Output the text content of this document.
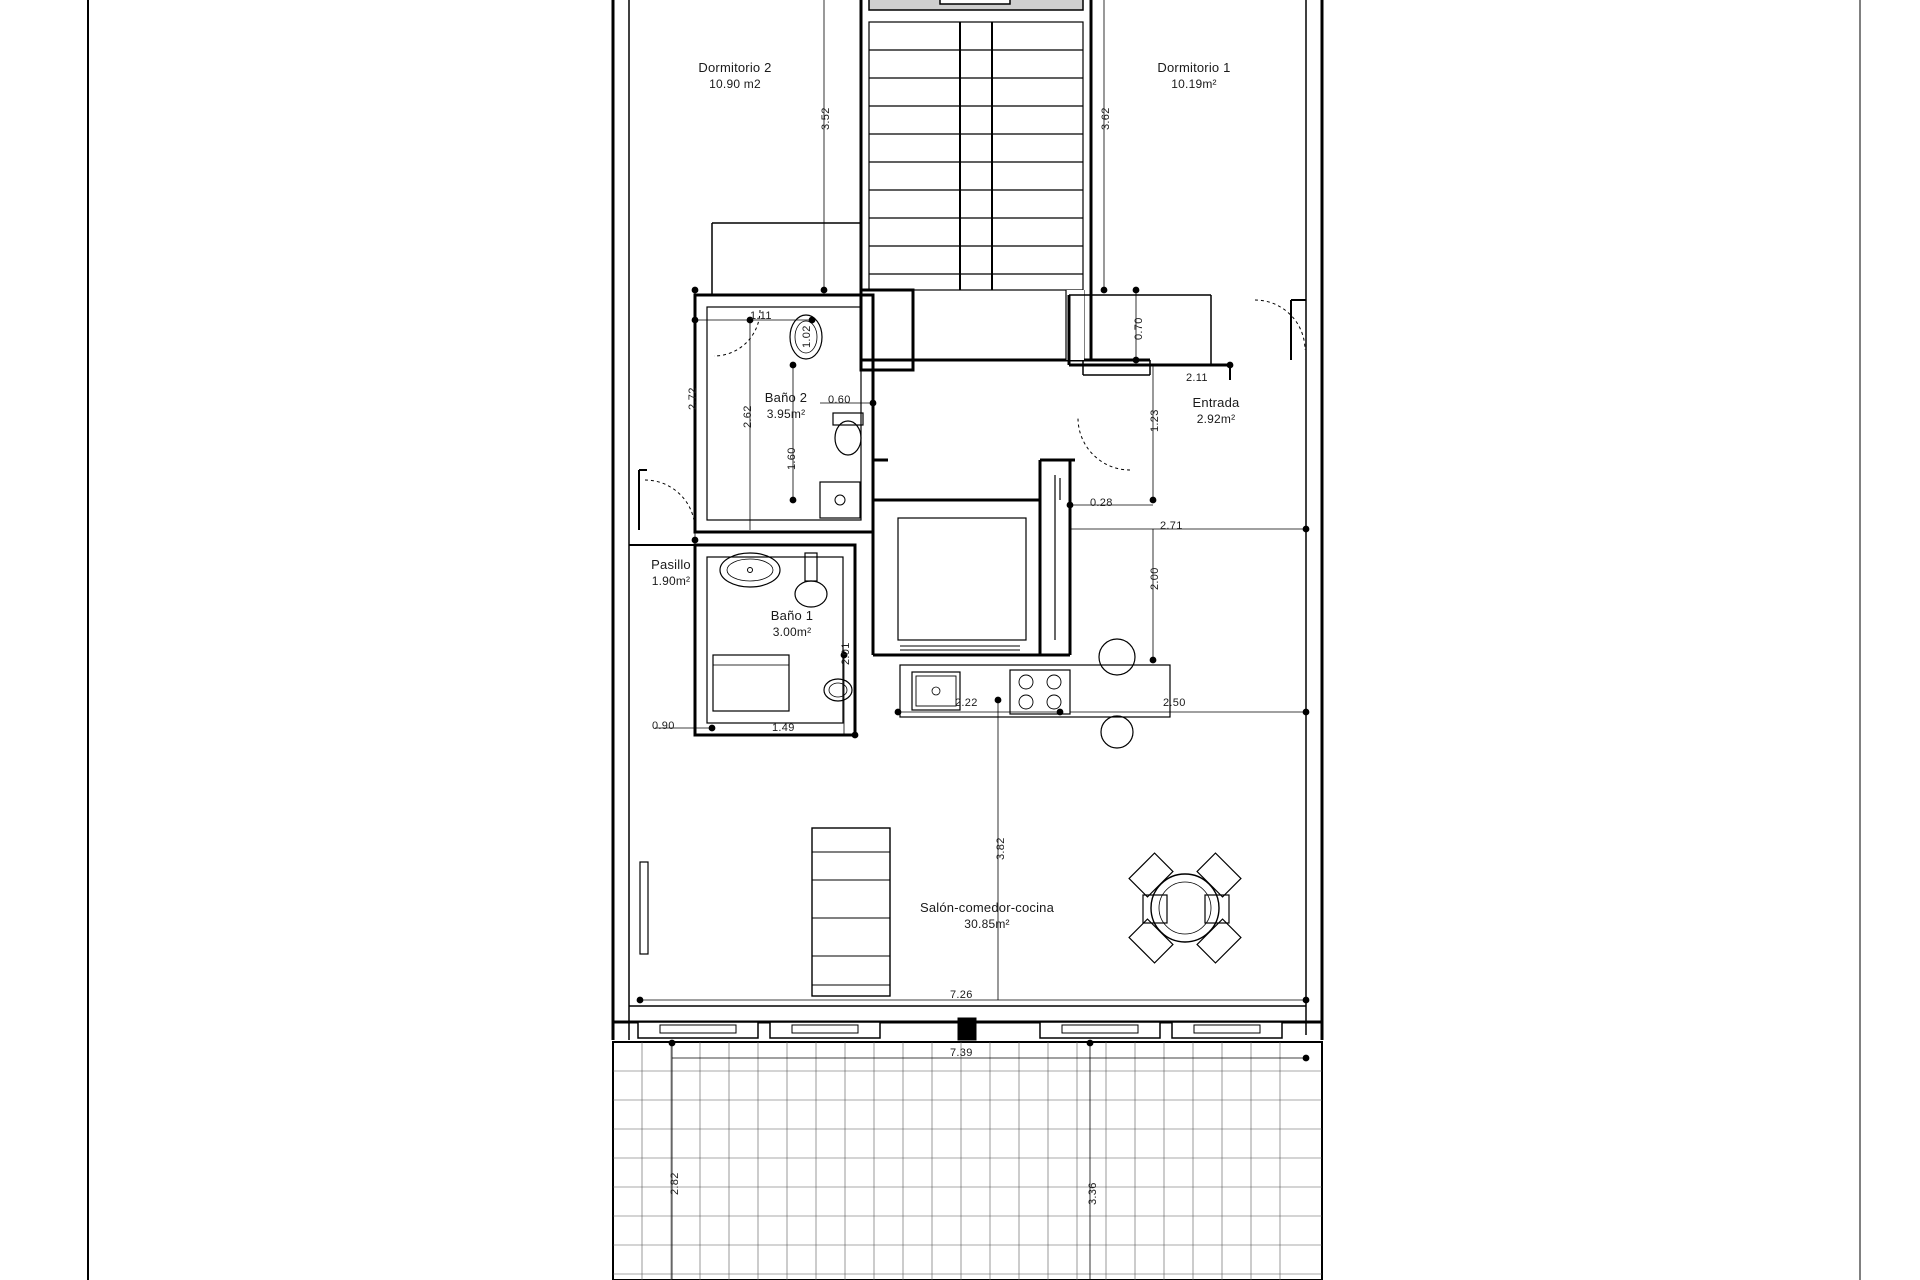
Dormitorio 2
10.90 m2
Dormitorio 1
10.19m²
Baño 2
3.95m²
Entrada
2.92m²
Pasillo
1.90m²
Baño 1
3.00m²
Salón-comedor-cocina
30.85m²
3.52	3.62
1.11
1.02	0.70
2.11
2.72
2.62
0.60
1.23
1.60
0.28
2.71
2.00
2.01
0.90	1.49
2.22	2.50
3.82
7.26
7.39
2.82	3.36
